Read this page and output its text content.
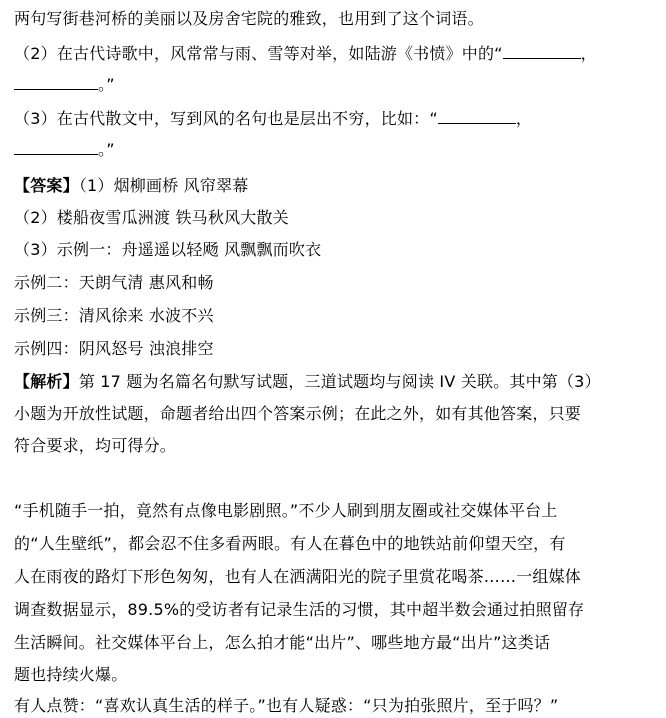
两句写街巷河桥的美丽以及房舍宅院的雅致，也用到了这个词语。
（2）在古代诗歌中，风常常与雨、雪等对举，如陆游《书愤》中的“	，
。”
（3）在古代散文中，写到风的名句也是层出不穷，比如：“	，
。”
【答案】（1）烟柳画桥 风帘翠幕
（2）楼船夜雪瓜洲渡 铁马秋风大散关
（3）示例一：舟遥遥以轻飏 风飘飘而吹衣
示例二：天朗气清 惠风和畅
示例三：清风徐来 水波不兴
示例四：阴风怒号 浊浪排空
【解析】第 17 题为名篇名句默写试题，三道试题均与阅读 IV 关联。其中第（3）
小题为开放性试题，命题者给出四个答案示例；在此之外，如有其他答案，只要
符合要求，均可得分。
“手机随手一拍，竟然有点像电影剧照。”不少人刷到朋友圈或社交媒体平台上
的“人生壁纸”，都会忍不住多看两眼。有人在暮色中的地铁站前仰望天空，有
人在雨夜的路灯下形色匆匆，也有人在洒满阳光的院子里赏花喝茶……一组媒体
调查数据显示，89.5%的受访者有记录生活的习惯，其中超半数会通过拍照留存
生活瞬间。社交媒体平台上，怎么拍才能“出片”、哪些地方最“出片”这类话
题也持续火爆。
有人点赞：“喜欢认真生活的样子。”也有人疑惑：“只为拍张照片，至于吗？”
